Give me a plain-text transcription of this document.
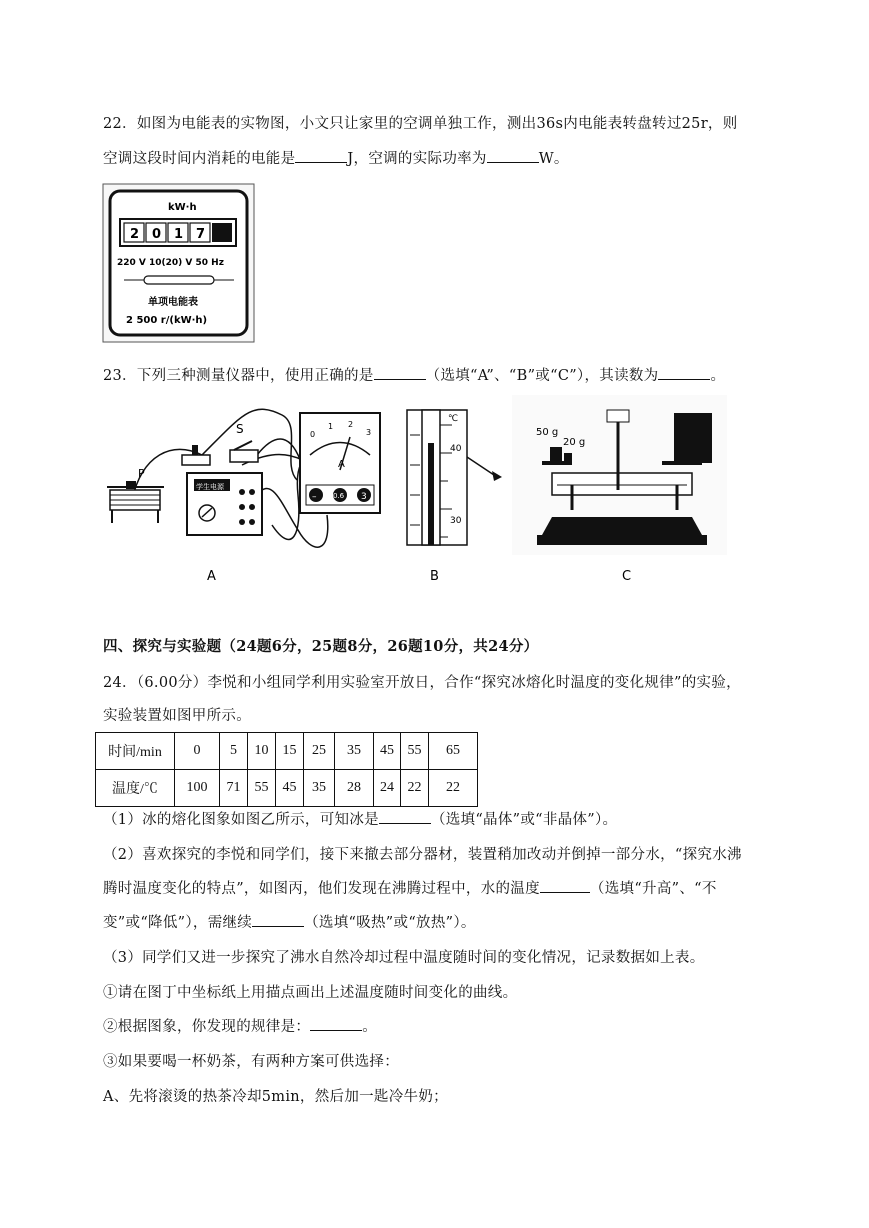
22．如图为电能表的实物图，小文只让家里的空调单独工作，测出36s内电能表转盘转过25r，则
空调这段时间内消耗的电能是	J，空调的实际功率为	W。
kW·h
2 0 1 7
220 V 10(20) V 50 Hz
单项电能表
2 500 r/(kW·h)
23．下列三种测量仪器中，使用正确的是	（选填“A”、“B”或“C”），其读数为	。
P
学生电源
S	0
1 2
3
A
– 0.6 3
A
℃
40
30
B
50 g
20 g
C
四、探究与实验题（24题6分，25题8分，26题10分，共24分）
24．（6.00分）李悦和小组同学利用实验室开放日，合作“探究冰熔化时温度的变化规律”的实验，
实验装置如图甲所示。
时间/min	0	5	10	15	25	35	45	55	65
温度/℃	100	71	55	45	35	28	24	22	22
（1）冰的熔化图象如图乙所示，可知冰是	（选填“晶体”或“非晶体”）。
（2）喜欢探究的李悦和同学们，接下来撤去部分器材，装置稍加改动并倒掉一部分水，“探究水沸
腾时温度变化的特点”，如图丙，他们发现在沸腾过程中，水的温度	（选填“升高”、“不
变”或“降低”），需继续	（选填“吸热”或“放热”）。
（3）同学们又进一步探究了沸水自然冷却过程中温度随时间的变化情况，记录数据如上表。
①请在图丁中坐标纸上用描点画出上述温度随时间变化的曲线。
②根据图象，你发现的规律是：	。
③如果要喝一杯奶茶，有两种方案可供选择：
A、先将滚烫的热茶冷却5min，然后加一匙冷牛奶；
